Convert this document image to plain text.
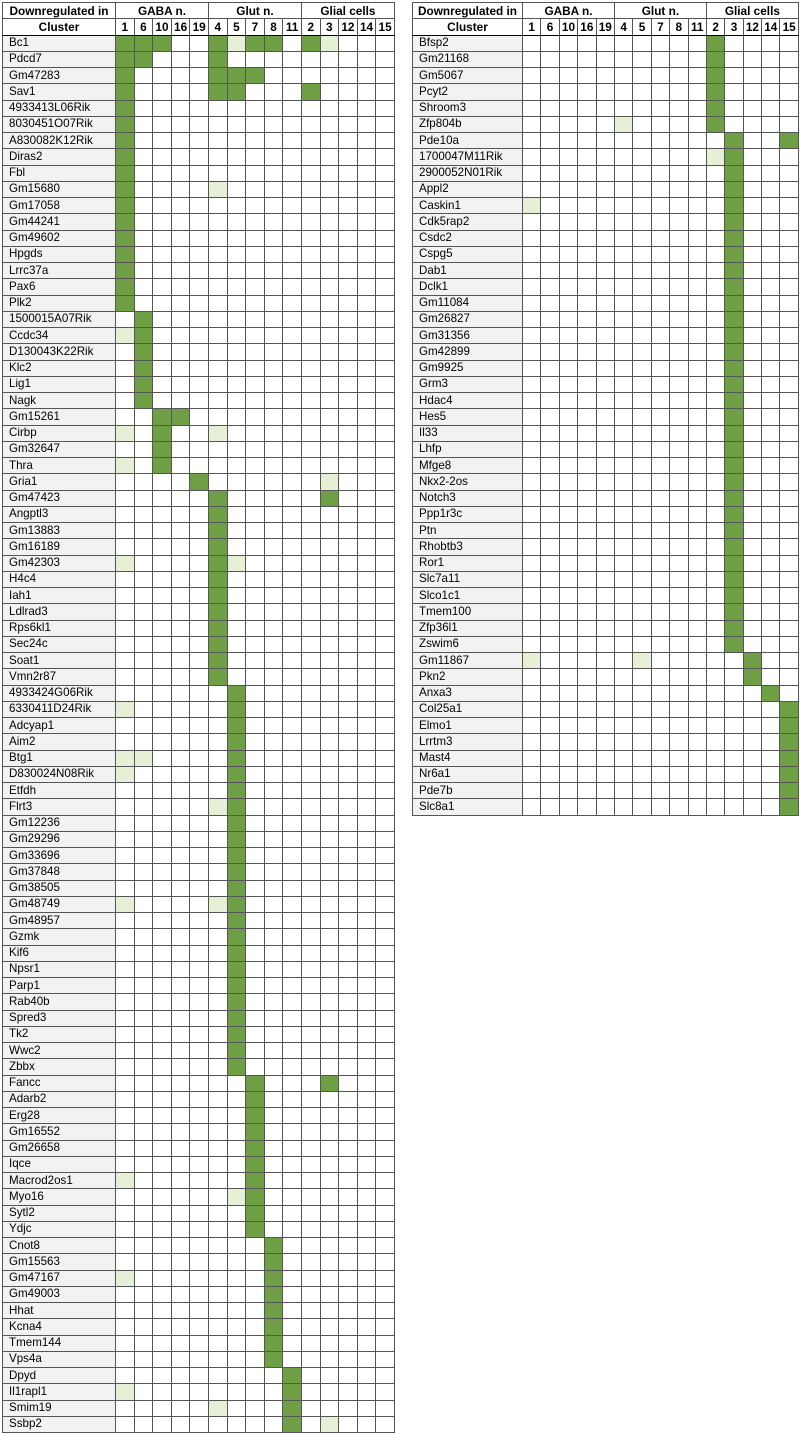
Downregulated in	GABA n.					Glut n.					Glial cells				
Cluster	1	6	10	16	19	4	5	7	8	11	2	3	12	14	15
Bc1															
Pdcd7															
Gm47283															
Sav1															
4933413L06Rik															
8030451O07Rik															
A830082K12Rik															
Diras2															
Fbl															
Gm15680															
Gm17058															
Gm44241															
Gm49602															
Hpgds															
Lrrc37a															
Pax6															
Plk2															
1500015A07Rik															
Ccdc34															
D130043K22Rik															
Klc2															
Lig1															
Nagk															
Gm15261															
Cirbp															
Gm32647															
Thra															
Gria1															
Gm47423															
Angptl3															
Gm13883															
Gm16189															
Gm42303															
H4c4															
Iah1															
Ldlrad3															
Rps6kl1															
Sec24c															
Soat1															
Vmn2r87															
4933424G06Rik															
6330411D24Rik															
Adcyap1															
Aim2															
Btg1															
D830024N08Rik															
Etfdh															
Flrt3															
Gm12236															
Gm29296															
Gm33696															
Gm37848															
Gm38505															
Gm48749															
Gm48957															
Gzmk															
Kif6															
Npsr1															
Parp1															
Rab40b															
Spred3															
Tk2															
Wwc2															
Zbbx															
Fancc															
Adarb2															
Erg28															
Gm16552															
Gm26658															
Iqce															
Macrod2os1															
Myo16															
Sytl2															
Ydjc															
Cnot8															
Gm15563															
Gm47167															
Gm49003															
Hhat															
Kcna4															
Tmem144															
Vps4a															
Dpyd															
Il1rapl1															
Smim19															
Ssbp2															
Downregulated in	GABA n.					Glut n.					Glial cells				
Cluster	1	6	10	16	19	4	5	7	8	11	2	3	12	14	15
Bfsp2															
Gm21168															
Gm5067															
Pcyt2															
Shroom3															
Zfp804b															
Pde10a															
1700047M11Rik															
2900052N01Rik															
Appl2															
Caskin1															
Cdk5rap2															
Csdc2															
Cspg5															
Dab1															
Dclk1															
Gm11084															
Gm26827															
Gm31356															
Gm42899															
Gm9925															
Grm3															
Hdac4															
Hes5															
Il33															
Lhfp															
Mfge8															
Nkx2-2os															
Notch3															
Ppp1r3c															
Ptn															
Rhobtb3															
Ror1															
Slc7a11															
Slco1c1															
Tmem100															
Zfp36l1															
Zswim6															
Gm11867															
Pkn2															
Anxa3															
Col25a1															
Elmo1															
Lrrtm3															
Mast4															
Nr6a1															
Pde7b															
Slc8a1															
